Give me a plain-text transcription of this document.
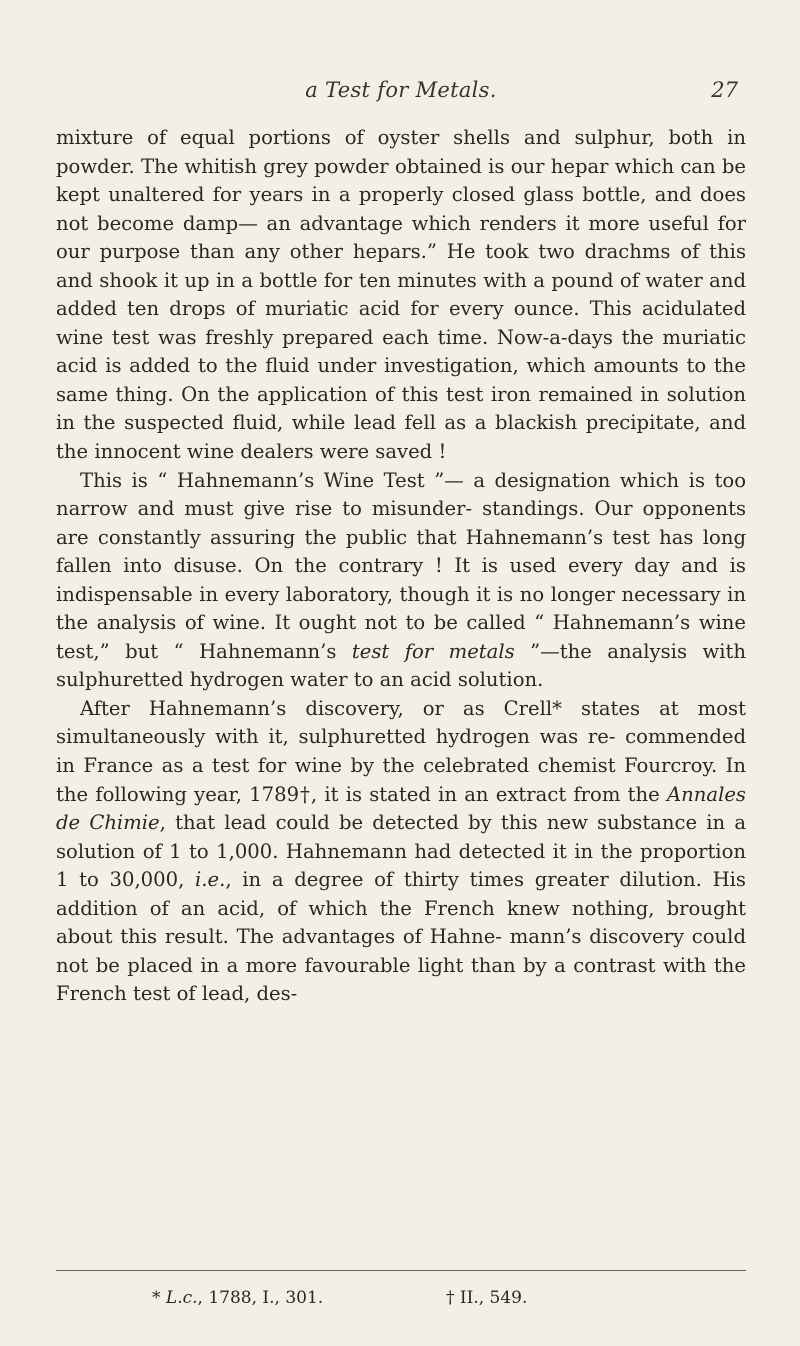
a Test for Metals.	27

mixture of equal portions of oyster shells and sulphur, both in powder. The whitish grey powder obtained is our hepar which can be kept unaltered for years in a properly closed glass bottle, and does not become damp— an advantage which renders it more useful for our purpose than any other hepars.” He took two drachms of this and shook it up in a bottle for ten minutes with a pound of water and added ten drops of muriatic acid for every ounce. This acidulated wine test was freshly prepared each time. Now-a-days the muriatic acid is added to the fluid under investigation, which amounts to the same thing. On the application of this test iron remained in solution in the suspected fluid, while lead fell as a blackish precipitate, and the innocent wine dealers were saved !

This is “ Hahnemann’s Wine Test ”— a designation which is too narrow and must give rise to misunder- standings. Our opponents are constantly assuring the public that Hahnemann’s test has long fallen into disuse. On the contrary ! It is used every day and is indispensable in every laboratory, though it is no longer necessary in the analysis of wine. It ought not to be called “ Hahnemann’s wine test,” but “ Hahnemann’s test for metals ”—the analysis with sulphuretted hydrogen water to an acid solution.

After Hahnemann’s discovery, or as Crell* states at most simultaneously with it, sulphuretted hydrogen was re- commended in France as a test for wine by the celebrated chemist Fourcroy. In the following year, 1789†, it is stated in an extract from the Annales de Chimie, that lead could be detected by this new substance in a solution of 1 to 1,000. Hahnemann had detected it in the proportion 1 to 30,000, i.e., in a degree of thirty times greater dilution. His addition of an acid, of which the French knew nothing, brought about this result. The advantages of Hahne- mann’s discovery could not be placed in a more favourable light than by a contrast with the French test of lead, des-

* L.c., 1788, I., 301.	† II., 549.
